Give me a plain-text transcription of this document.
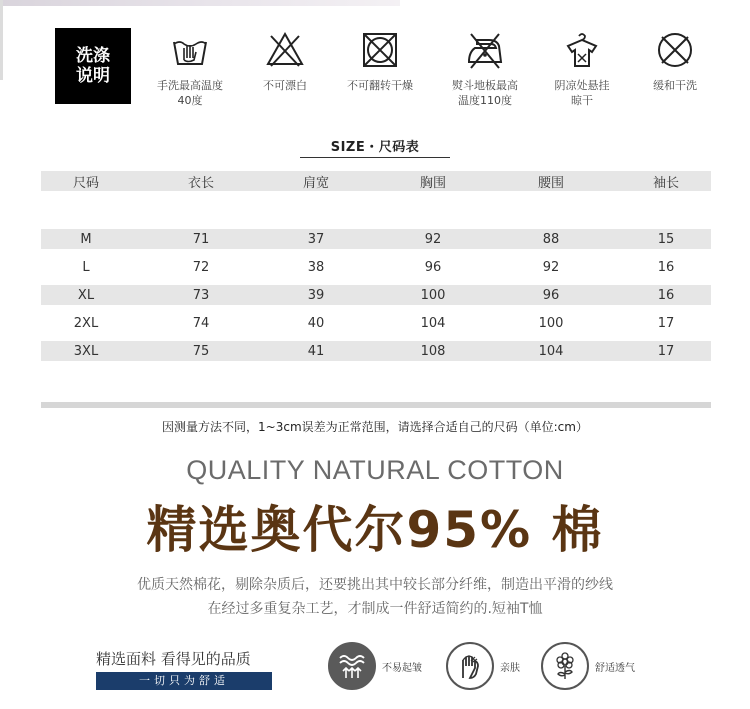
洗涤
说明	手洗最高温度
40度
不可漂白	不可翻转干燥	熨斗地板最高
温度110度
阴凉处悬挂
晾干
缓和干洗
SIZE・尺码表
尺码	衣长	肩宽	胸围	腰围	袖长
M	71	37	92	88	15
L	72	38	96	92	16
XL	73	39	100	96	16
2XL	74	40	104	100	17
3XL	75	41	108	104	17
因测量方法不同，1~3cm误差为正常范围，请选择合适自己的尺码（单位:cm）
QUALITY NATURAL COTTON
精选奥代尔95% 棉
优质天然棉花，剔除杂质后，还要挑出其中较长部分纤维，制造出平滑的纱线
在经过多重复杂工艺，才制成一件舒适简约的.短袖T恤
精选面料 看得见的品质
一切只为舒适
不易起皱	亲肤	舒适透气
